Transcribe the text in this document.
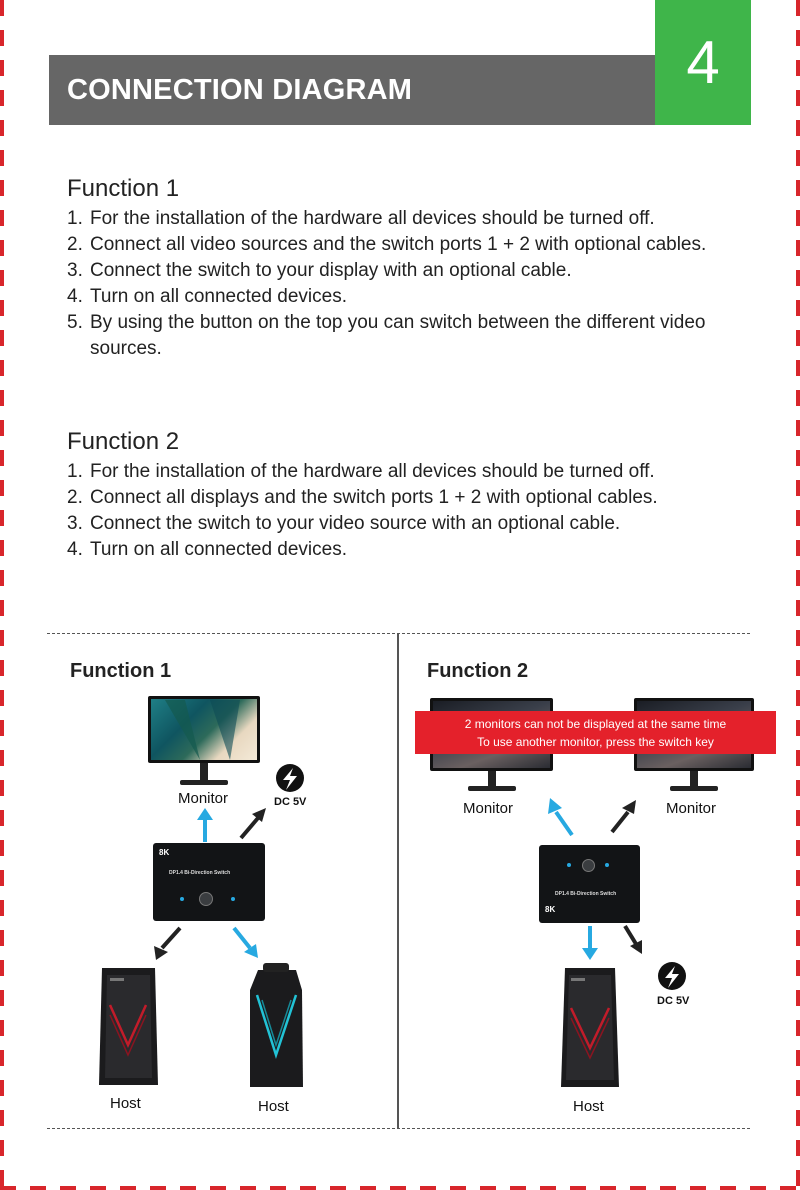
CONNECTION DIAGRAM	4
Function 1
1. For the installation of the hardware all devices should be turned off.
2. Connect all video sources and the switch ports 1 + 2 with optional cables.
3. Connect the switch to your display with an optional cable.
4. Turn on all connected devices.
5. By using the button on the top you can switch between the different video sources.
Function 2
1. For the installation of the hardware all devices should be turned off.
2. Connect all displays and the switch ports 1 + 2 with optional cables.
3. Connect the switch to your video source with an optional cable.
4. Turn on all connected devices.
Function 1
Monitor	DC 5V
8K
DP1.4 Bi-Direction Switch
Host	Host
Function 2
2 monitors can not be displayed at the same time
To use another monitor, press the switch key
Monitor	Monitor
DP1.4 Bi-Direction Switch
8K
DC 5V
Host
